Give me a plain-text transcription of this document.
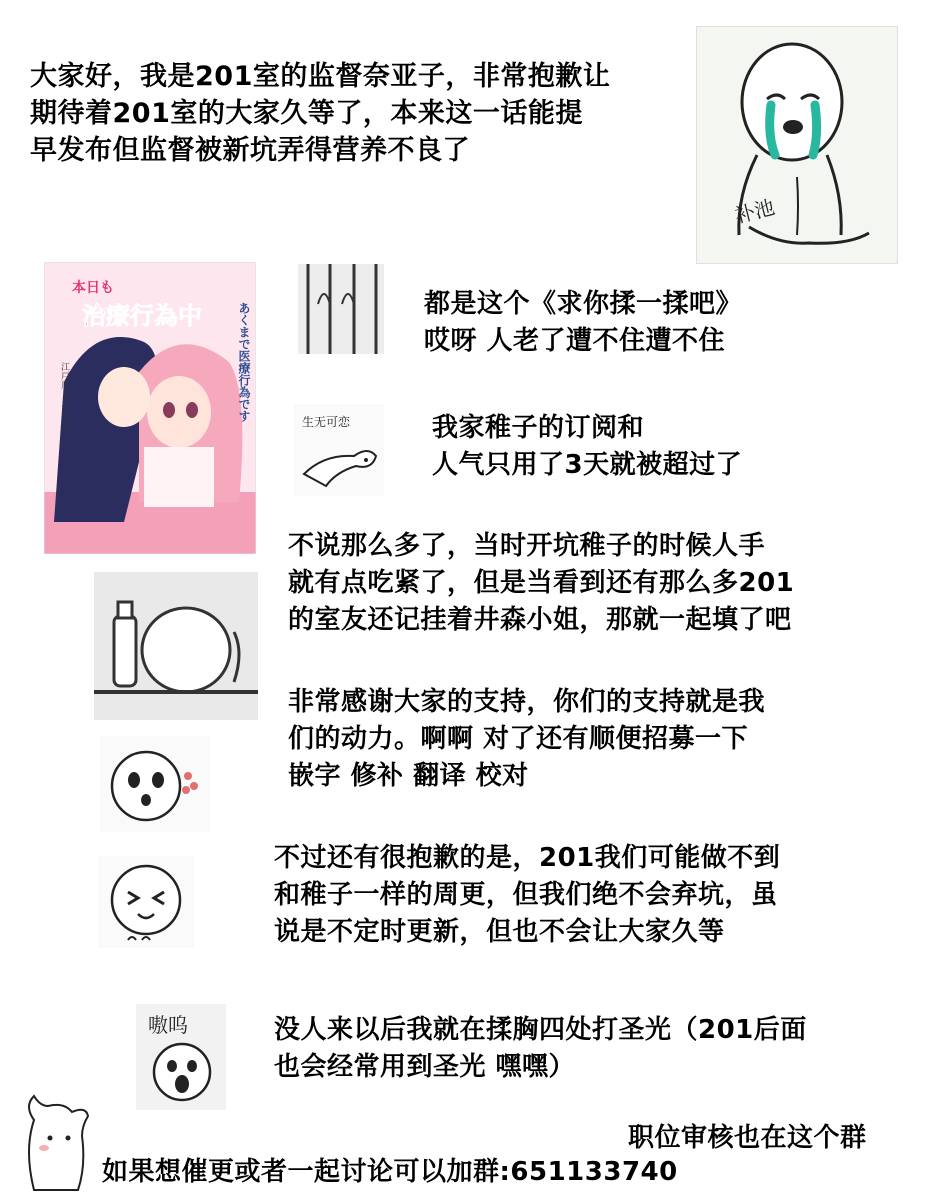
大家好，我是201室的监督奈亚子，非常抱歉让
期待着201室的大家久等了，本来这一话能提
早发布但监督被新坑弄得营养不良了
补池
本日も
治療行為中	あくまで医療行為です
江戸川くん…っ♡
都是这个《求你揉一揉吧》
哎呀 人老了遭不住遭不住
生无可恋	我家稚子的订阅和
人气只用了3天就被超过了
不说那么多了，当时开坑稚子的时候人手
就有点吃紧了，但是当看到还有那么多201
的室友还记挂着井森小姐，那就一起填了吧
非常感谢大家的支持，你们的支持就是我
们的动力。啊啊 对了还有顺便招募一下
嵌字 修补 翻译 校对
不过还有很抱歉的是，201我们可能做不到
和稚子一样的周更，但我们绝不会弃坑，虽
说是不定时更新，但也不会让大家久等
嗷呜	没人来以后我就在揉胸四处打圣光（201后面
也会经常用到圣光 嘿嘿）
职位审核也在这个群
如果想催更或者一起讨论可以加群:651133740
